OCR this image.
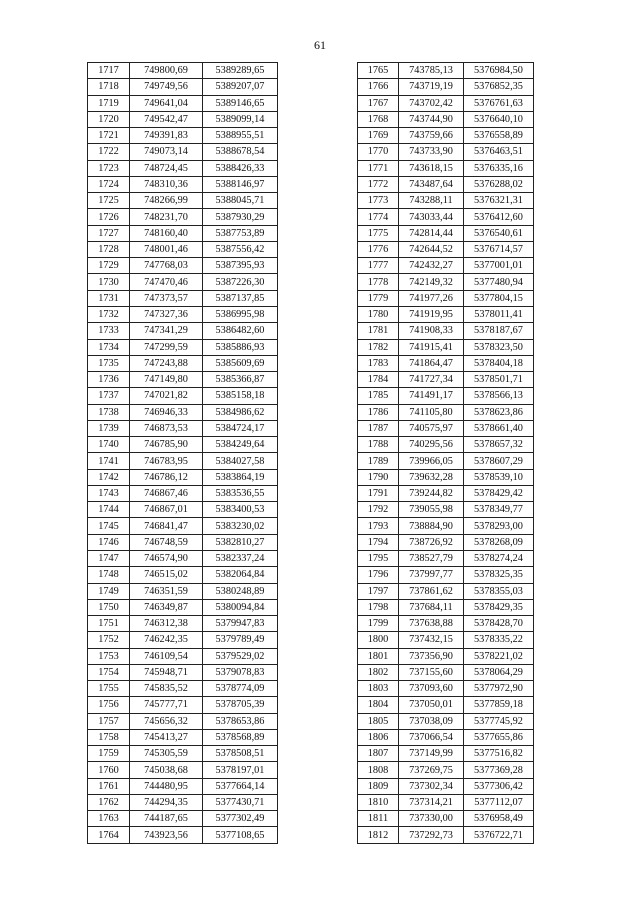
61
1717	749800,69	5389289,65
1718	749749,56	5389207,07
1719	749641,04	5389146,65
1720	749542,47	5389099,14
1721	749391,83	5388955,51
1722	749073,14	5388678,54
1723	748724,45	5388426,33
1724	748310,36	5388146,97
1725	748266,99	5388045,71
1726	748231,70	5387930,29
1727	748160,40	5387753,89
1728	748001,46	5387556,42
1729	747768,03	5387395,93
1730	747470,46	5387226,30
1731	747373,57	5387137,85
1732	747327,36	5386995,98
1733	747341,29	5386482,60
1734	747299,59	5385886,93
1735	747243,88	5385609,69
1736	747149,80	5385366,87
1737	747021,82	5385158,18
1738	746946,33	5384986,62
1739	746873,53	5384724,17
1740	746785,90	5384249,64
1741	746783,95	5384027,58
1742	746786,12	5383864,19
1743	746867,46	5383536,55
1744	746867,01	5383400,53
1745	746841,47	5383230,02
1746	746748,59	5382810,27
1747	746574,90	5382337,24
1748	746515,02	5382064,84
1749	746351,59	5380248,89
1750	746349,87	5380094,84
1751	746312,38	5379947,83
1752	746242,35	5379789,49
1753	746109,54	5379529,02
1754	745948,71	5379078,83
1755	745835,52	5378774,09
1756	745777,71	5378705,39
1757	745656,32	5378653,86
1758	745413,27	5378568,89
1759	745305,59	5378508,51
1760	745038,68	5378197,01
1761	744480,95	5377664,14
1762	744294,35	5377430,71
1763	744187,65	5377302,49
1764	743923,56	5377108,65
1765	743785,13	5376984,50
1766	743719,19	5376852,35
1767	743702,42	5376761,63
1768	743744,90	5376640,10
1769	743759,66	5376558,89
1770	743733,90	5376463,51
1771	743618,15	5376335,16
1772	743487,64	5376288,02
1773	743288,11	5376321,31
1774	743033,44	5376412,60
1775	742814,44	5376540,61
1776	742644,52	5376714,57
1777	742432,27	5377001,01
1778	742149,32	5377480,94
1779	741977,26	5377804,15
1780	741919,95	5378011,41
1781	741908,33	5378187,67
1782	741915,41	5378323,50
1783	741864,47	5378404,18
1784	741727,34	5378501,71
1785	741491,17	5378566,13
1786	741105,80	5378623,86
1787	740575,97	5378661,40
1788	740295,56	5378657,32
1789	739966,05	5378607,29
1790	739632,28	5378539,10
1791	739244,82	5378429,42
1792	739055,98	5378349,77
1793	738884,90	5378293,00
1794	738726,92	5378268,09
1795	738527,79	5378274,24
1796	737997,77	5378325,35
1797	737861,62	5378355,03
1798	737684,11	5378429,35
1799	737638,88	5378428,70
1800	737432,15	5378335,22
1801	737356,90	5378221,02
1802	737155,60	5378064,29
1803	737093,60	5377972,90
1804	737050,01	5377859,18
1805	737038,09	5377745,92
1806	737066,54	5377655,86
1807	737149,99	5377516,82
1808	737269,75	5377369,28
1809	737302,34	5377306,42
1810	737314,21	5377112,07
1811	737330,00	5376958,49
1812	737292,73	5376722,71
